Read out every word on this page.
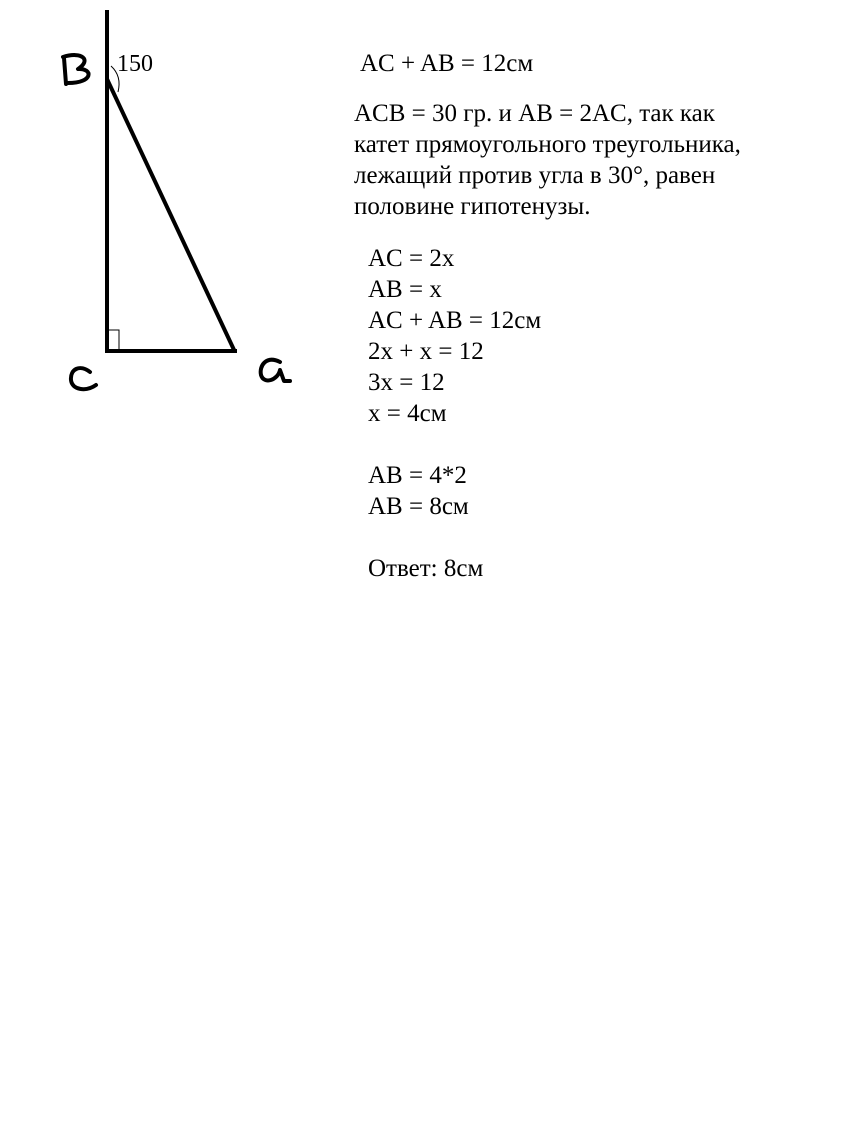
150	AC + AB = 12см
ACB = 30 гр. и AB = 2AC, так как
катет прямоугольного треугольника,
лежащий против угла в 30°, равен
половине гипотенузы.
AC = 2x
AB = x
AC + AB = 12см
2x + x = 12
3x = 12
x = 4см
AB = 4*2
AB = 8см
Ответ: 8см
